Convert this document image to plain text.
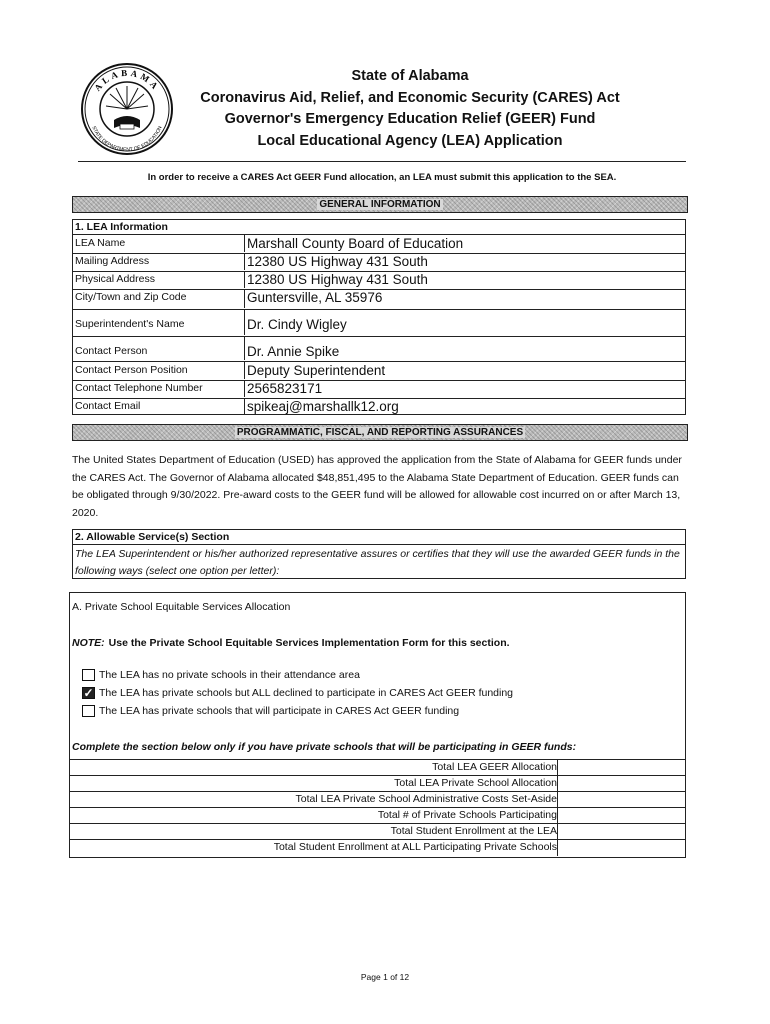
ALABAMA
STATE DEPARTMENT OF EDUCATION
State of Alabama
Coronavirus Aid, Relief, and Economic Security (CARES) Act
Governor's Emergency Education Relief (GEER) Fund
Local Educational Agency (LEA) Application
In order to receive a CARES Act GEER Fund allocation, an LEA must submit this application to the SEA.
GENERAL INFORMATION
1. LEA Information
LEA Name	Marshall County Board of Education
Mailing Address	12380 US Highway 431 South
Physical Address	12380 US Highway 431 South
City/Town and Zip Code	Guntersville, AL 35976
Superintendent's Name	Dr. Cindy Wigley
Contact Person	Dr. Annie Spike
Contact Person Position	Deputy Superintendent
Contact Telephone Number	2565823171
Contact Email	spikeaj@marshallk12.org
PROGRAMMATIC, FISCAL, AND REPORTING ASSURANCES
The United States Department of Education (USED) has approved the application from the State of Alabama for GEER funds under the CARES Act. The Governor of Alabama allocated $48,851,495 to the Alabama State Department of Education. GEER funds can be obligated through 9/30/2022. Pre-award costs to the GEER fund will be allowed for allowable cost incurred on or after March 13, 2020.
2. Allowable Service(s) Section
The LEA Superintendent or his/her authorized representative assures or certifies that they will use the awarded GEER funds in the following ways (select one option per letter):
A. Private School Equitable Services Allocation
NOTE: Use the Private School Equitable Services Implementation Form for this section.
The LEA has no private schools in their attendance area
✓ The LEA has private schools but ALL declined to participate in CARES Act GEER funding
The LEA has private schools that will participate in CARES Act GEER funding
Complete the section below only if you have private schools that will be participating in GEER funds:
Total LEA GEER Allocation
Total LEA Private School Allocation
Total LEA Private School Administrative Costs Set-Aside
Total # of Private Schools Participating
Total Student Enrollment at the LEA
Total Student Enrollment at ALL Participating Private Schools
Page 1 of 12
